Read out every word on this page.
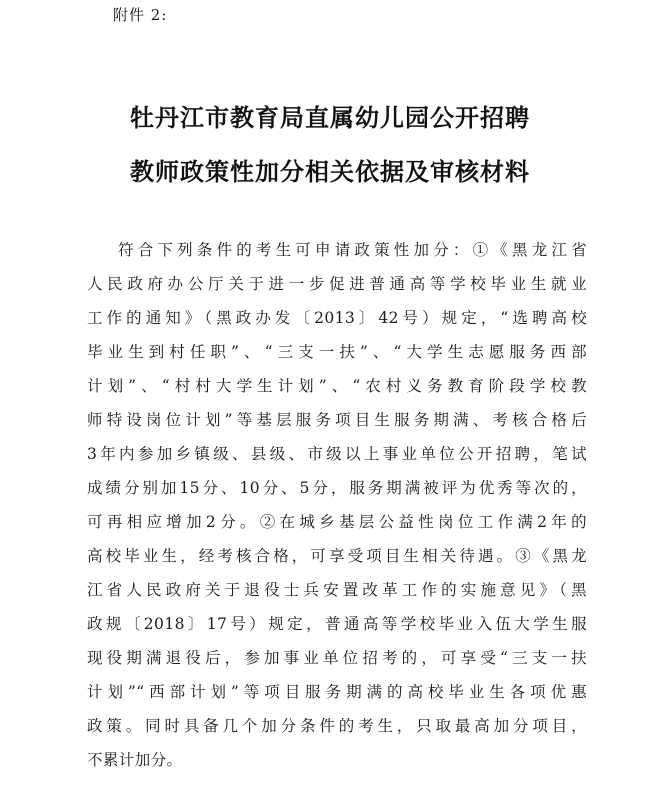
附件 2:
牡丹江市教育局直属幼儿园公开招聘
教师政策性加分相关依据及审核材料
符合下列条件的考生可申请政策性加分：①《黑龙江省
人民政府办公厅关于进一步促进普通高等学校毕业生就业
工作的通知》（黑政办发〔2013〕42号）规定，“选聘高校
毕业生到村任职”、“三支一扶”、“大学生志愿服务西部
计划”、“村村大学生计划”、“农村义务教育阶段学校教
师特设岗位计划”等基层服务项目生服务期满、考核合格后
3年内参加乡镇级、县级、市级以上事业单位公开招聘，笔试
成绩分别加15分、10分、5分，服务期满被评为优秀等次的，
可再相应增加2分。②在城乡基层公益性岗位工作满2年的
高校毕业生，经考核合格，可享受项目生相关待遇。③《黑龙
江省人民政府关于退役士兵安置改革工作的实施意见》（黑
政规〔2018〕17号）规定，普通高等学校毕业入伍大学生服
现役期满退役后，参加事业单位招考的，可享受“三支一扶
计划”“西部计划”等项目服务期满的高校毕业生各项优惠
政策。同时具备几个加分条件的考生，只取最高加分项目，
不累计加分。
